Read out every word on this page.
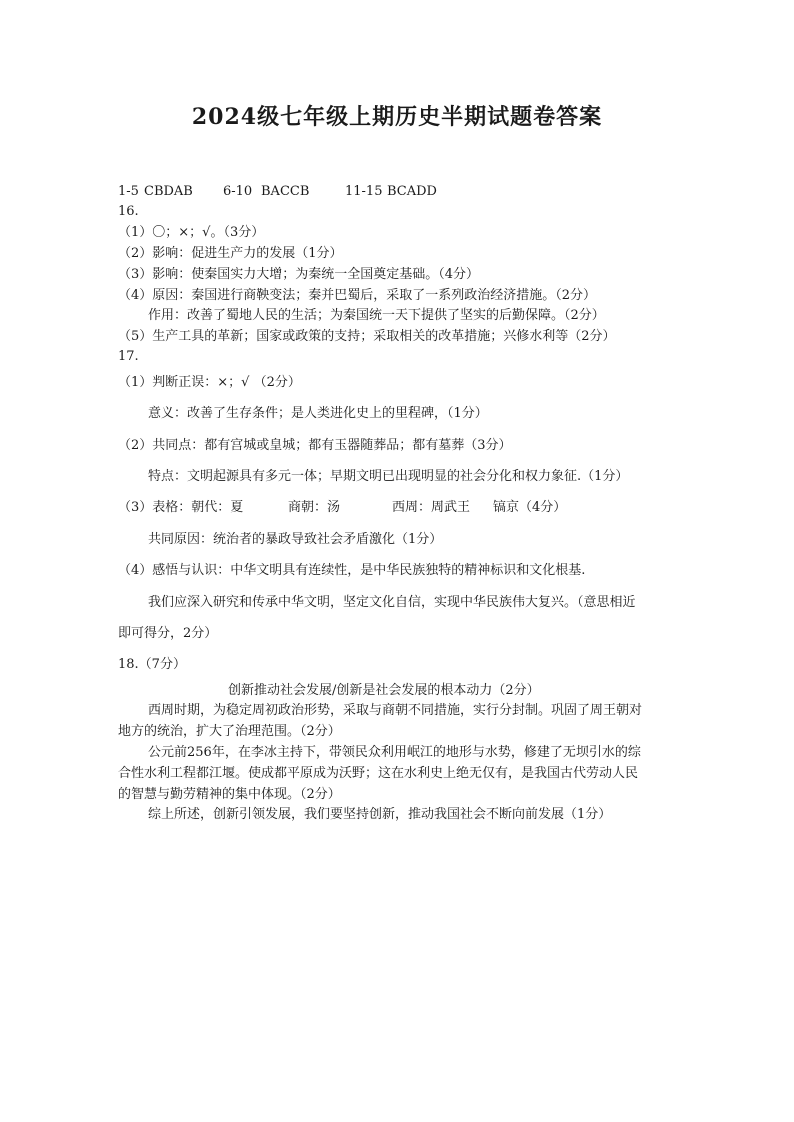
2024级七年级上期历史半期试题卷答案
1-5 CBDAB 6-10 BACCB	11-15 BCADD
16.
（1）〇；×；√。（3分）
（2）影响：促进生产力的发展（1分）
（3）影响：使秦国实力大增；为秦统一全国奠定基础。（4分）
（4）原因：秦国进行商鞅变法；秦并巴蜀后，采取了一系列政治经济措施。（2分）
作用：改善了蜀地人民的生活；为秦国统一天下提供了坚实的后勤保障。（2分）
（5）生产工具的革新；国家或政策的支持；采取相关的改革措施；兴修水利等（2分）
17.
（1）判断正误：×；√ （2分）
意义：改善了生存条件；是人类进化史上的里程碑，（1分）
（2）共同点：都有宫城或皇城；都有玉器随葬品；都有墓葬（3分）
特点：文明起源具有多元一体；早期文明已出现明显的社会分化和权力象征.（1分）
（3）表格：朝代：夏	商朝：汤	西周：周武王 镐京（4分）
共同原因：统治者的暴政导致社会矛盾激化（1分）
（4）感悟与认识：中华文明具有连续性，是中华民族独特的精神标识和文化根基.
我们应深入研究和传承中华文明，坚定文化自信，实现中华民族伟大复兴。（意思相近
即可得分，2分）
18.（7分）
创新推动社会发展/创新是社会发展的根本动力（2分）
西周时期，为稳定周初政治形势，采取与商朝不同措施，实行分封制。巩固了周王朝对
地方的统治，扩大了治理范围。（2分）
公元前256年，在李冰主持下，带领民众利用岷江的地形与水势，修建了无坝引水的综
合性水利工程都江堰。使成都平原成为沃野；这在水利史上绝无仅有，是我国古代劳动人民
的智慧与勤劳精神的集中体现。（2分）
综上所述，创新引领发展，我们要坚持创新，推动我国社会不断向前发展（1分）
